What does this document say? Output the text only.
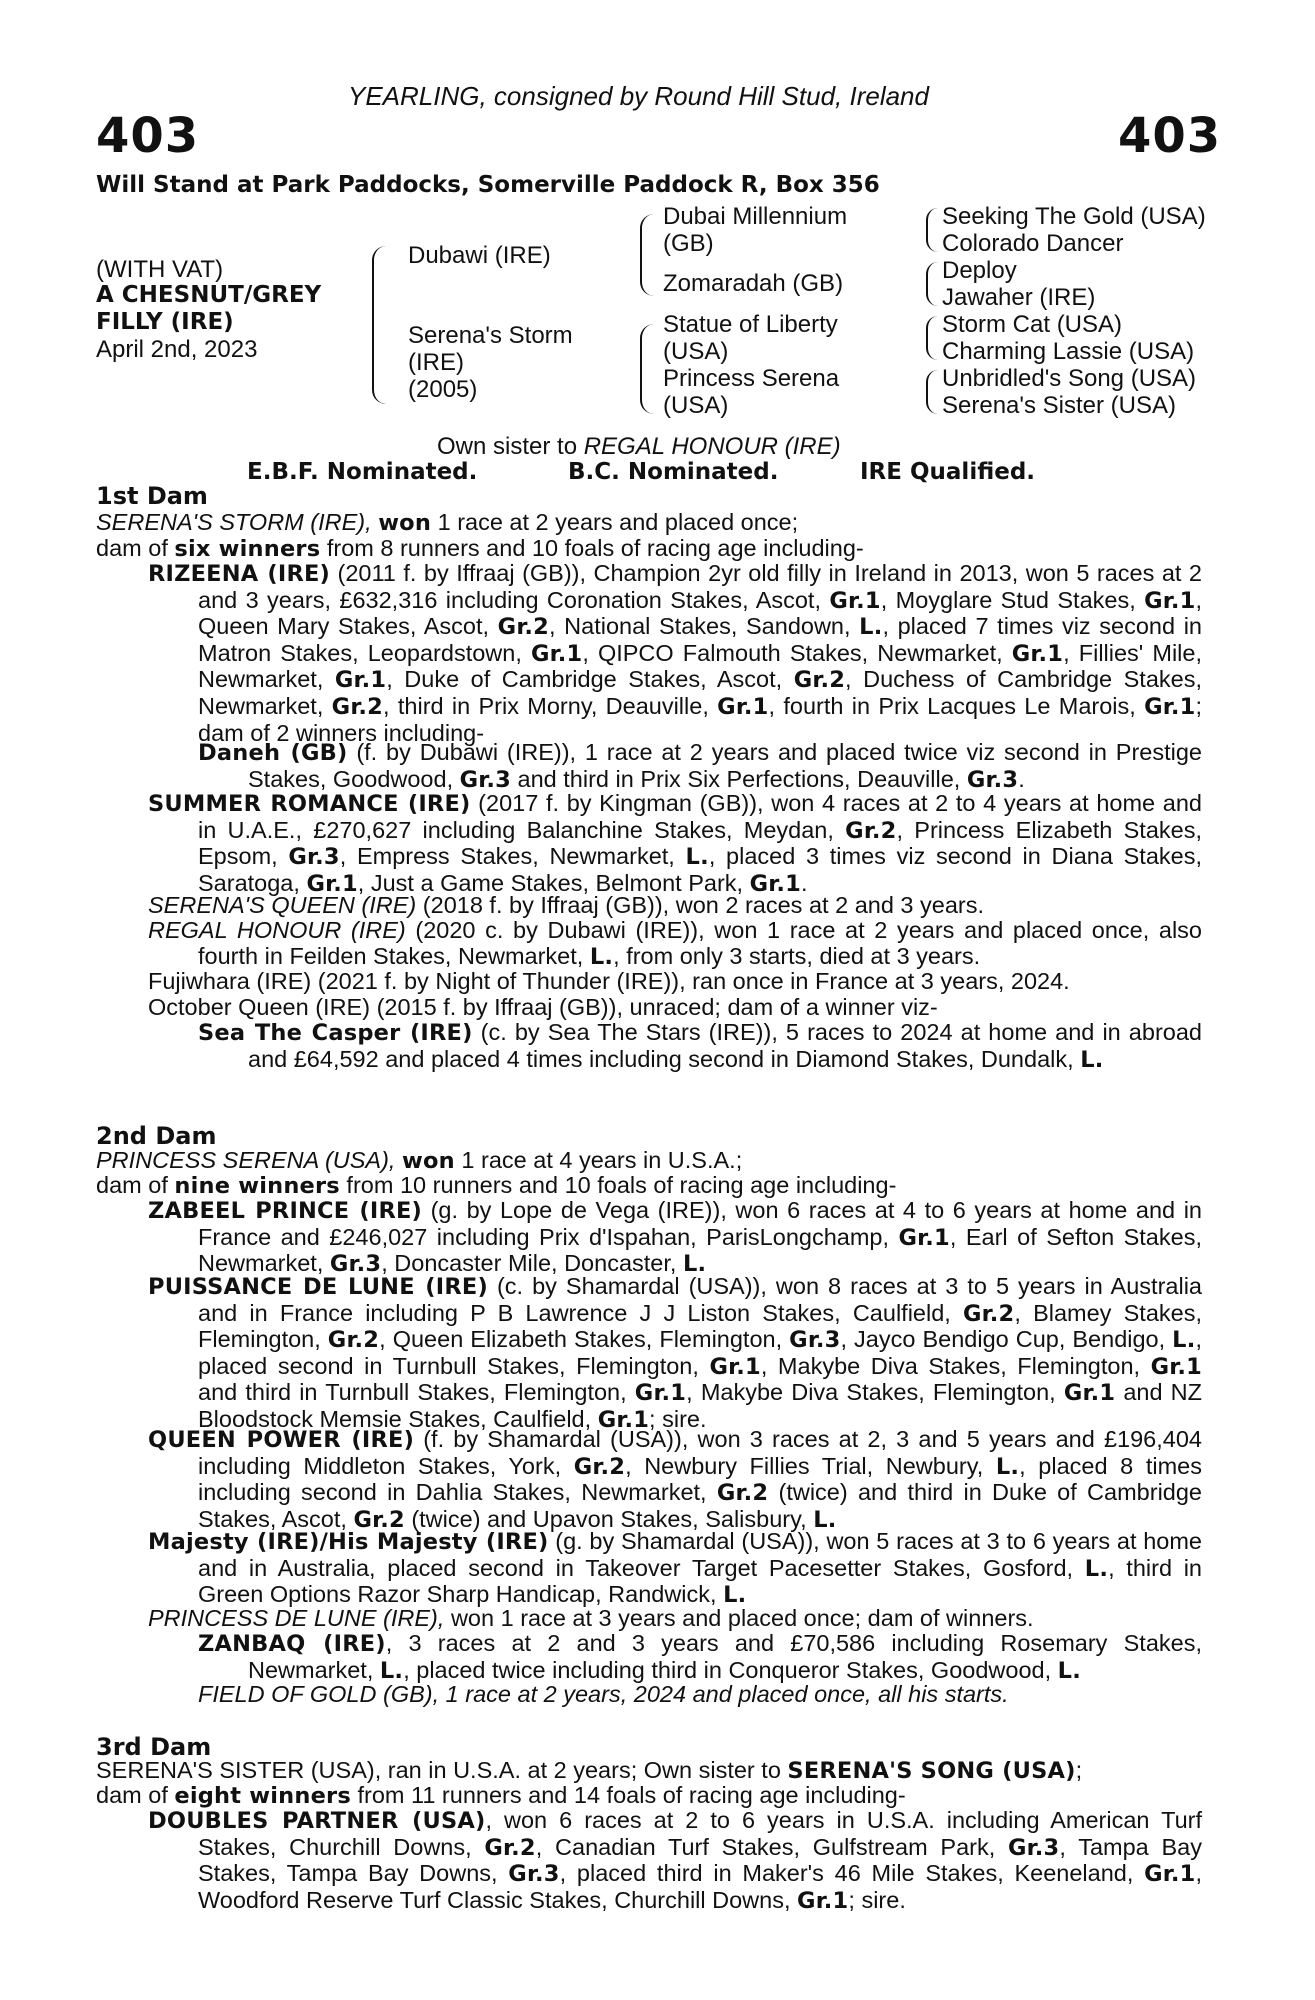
YEARLING, consigned by Round Hill Stud, Ireland
403	403
Will Stand at Park Paddocks, Somerville Paddock R, Box 356
(WITH VAT)
A CHESNUT/GREY
FILLY (IRE)
April 2nd, 2023
Dubawi (IRE)
Serena's Storm
(IRE)
(2005)
Dubai Millennium
(GB)
Zomaradah (GB)
Statue of Liberty
(USA)
Princess Serena
(USA)
Seeking The Gold (USA)
Colorado Dancer
Deploy
Jawaher (IRE)
Storm Cat (USA)
Charming Lassie (USA)
Unbridled's Song (USA)
Serena's Sister (USA)
Own sister to REGAL HONOUR (IRE)
E.B.F. Nominated.	B.C. Nominated.	IRE Qualified.
1st Dam
SERENA'S STORM (IRE), won 1 race at 2 years and placed once;
dam of six winners from 8 runners and 10 foals of racing age including-
RIZEENA (IRE) (2011 f. by Iffraaj (GB)), Champion 2yr old filly in Ireland in 2013, won 5 races at 2 and 3 years, £632,316 including Coronation Stakes, Ascot, Gr.1, Moyglare Stud Stakes, Gr.1, Queen Mary Stakes, Ascot, Gr.2, National Stakes, Sandown, L., placed 7 times viz second in Matron Stakes, Leopardstown, Gr.1, QIPCO Falmouth Stakes, Newmarket, Gr.1, Fillies' Mile, Newmarket, Gr.1, Duke of Cambridge Stakes, Ascot, Gr.2, Duchess of Cambridge Stakes, Newmarket, Gr.2, third in Prix Morny, Deauville, Gr.1, fourth in Prix Lacques Le Marois, Gr.1; dam of 2 winners including-
Daneh (GB) (f. by Dubawi (IRE)), 1 race at 2 years and placed twice viz second in Prestige Stakes, Goodwood, Gr.3 and third in Prix Six Perfections, Deauville, Gr.3.
SUMMER ROMANCE (IRE) (2017 f. by Kingman (GB)), won 4 races at 2 to 4 years at home and in U.A.E., £270,627 including Balanchine Stakes, Meydan, Gr.2, Princess Elizabeth Stakes, Epsom, Gr.3, Empress Stakes, Newmarket, L., placed 3 times viz second in Diana Stakes, Saratoga, Gr.1, Just a Game Stakes, Belmont Park, Gr.1.
SERENA'S QUEEN (IRE) (2018 f. by Iffraaj (GB)), won 2 races at 2 and 3 years.
REGAL HONOUR (IRE) (2020 c. by Dubawi (IRE)), won 1 race at 2 years and placed once, also fourth in Feilden Stakes, Newmarket, L., from only 3 starts, died at 3 years.
Fujiwhara (IRE) (2021 f. by Night of Thunder (IRE)), ran once in France at 3 years, 2024.
October Queen (IRE) (2015 f. by Iffraaj (GB)), unraced; dam of a winner viz-
Sea The Casper (IRE) (c. by Sea The Stars (IRE)), 5 races to 2024 at home and in abroad and £64,592 and placed 4 times including second in Diamond Stakes, Dundalk, L.
2nd Dam
PRINCESS SERENA (USA), won 1 race at 4 years in U.S.A.;
dam of nine winners from 10 runners and 10 foals of racing age including-
ZABEEL PRINCE (IRE) (g. by Lope de Vega (IRE)), won 6 races at 4 to 6 years at home and in France and £246,027 including Prix d'Ispahan, ParisLongchamp, Gr.1, Earl of Sefton Stakes, Newmarket, Gr.3, Doncaster Mile, Doncaster, L.
PUISSANCE DE LUNE (IRE) (c. by Shamardal (USA)), won 8 races at 3 to 5 years in Australia and in France including P B Lawrence J J Liston Stakes, Caulfield, Gr.2, Blamey Stakes, Flemington, Gr.2, Queen Elizabeth Stakes, Flemington, Gr.3, Jayco Bendigo Cup, Bendigo, L., placed second in Turnbull Stakes, Flemington, Gr.1, Makybe Diva Stakes, Flemington, Gr.1 and third in Turnbull Stakes, Flemington, Gr.1, Makybe Diva Stakes, Flemington, Gr.1 and NZ Bloodstock Memsie Stakes, Caulfield, Gr.1; sire.
QUEEN POWER (IRE) (f. by Shamardal (USA)), won 3 races at 2, 3 and 5 years and £196,404 including Middleton Stakes, York, Gr.2, Newbury Fillies Trial, Newbury, L., placed 8 times including second in Dahlia Stakes, Newmarket, Gr.2 (twice) and third in Duke of Cambridge Stakes, Ascot, Gr.2 (twice) and Upavon Stakes, Salisbury, L.
Majesty (IRE)/His Majesty (IRE) (g. by Shamardal (USA)), won 5 races at 3 to 6 years at home and in Australia, placed second in Takeover Target Pacesetter Stakes, Gosford, L., third in Green Options Razor Sharp Handicap, Randwick, L.
PRINCESS DE LUNE (IRE), won 1 race at 3 years and placed once; dam of winners.
ZANBAQ (IRE), 3 races at 2 and 3 years and £70,586 including Rosemary Stakes, Newmarket, L., placed twice including third in Conqueror Stakes, Goodwood, L.
FIELD OF GOLD (GB), 1 race at 2 years, 2024 and placed once, all his starts.
3rd Dam
SERENA'S SISTER (USA), ran in U.S.A. at 2 years; Own sister to SERENA'S SONG (USA);
dam of eight winners from 11 runners and 14 foals of racing age including-
DOUBLES PARTNER (USA), won 6 races at 2 to 6 years in U.S.A. including American Turf Stakes, Churchill Downs, Gr.2, Canadian Turf Stakes, Gulfstream Park, Gr.3, Tampa Bay Stakes, Tampa Bay Downs, Gr.3, placed third in Maker's 46 Mile Stakes, Keeneland, Gr.1, Woodford Reserve Turf Classic Stakes, Churchill Downs, Gr.1; sire.
